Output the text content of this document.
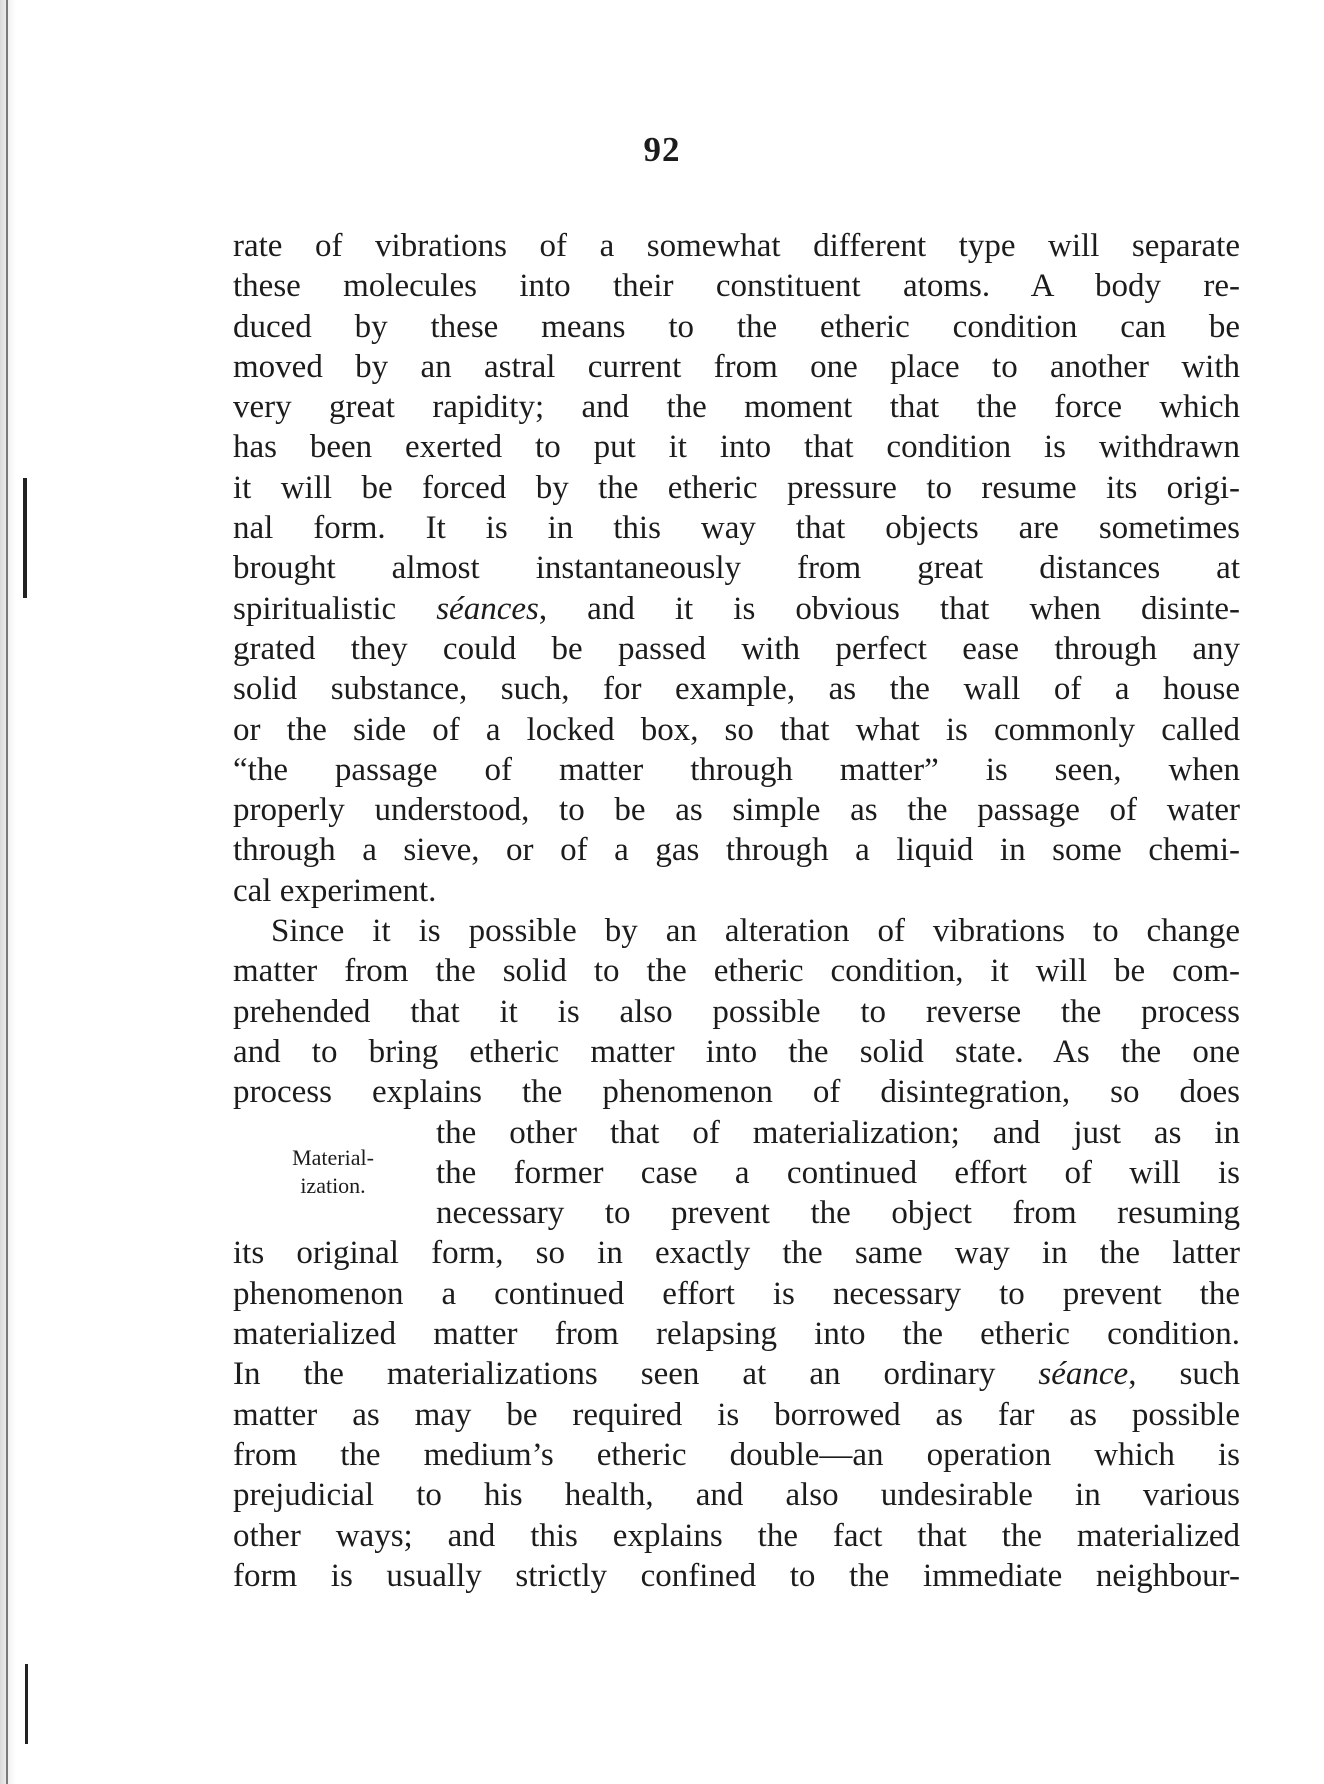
92
Material-
ization.
rate of vibrations of a somewhat different type will separate
these molecules into their constituent atoms. A body re-
duced by these means to the etheric condition can be
moved by an astral current from one place to another with
very great rapidity; and the moment that the force which
has been exerted to put it into that condition is withdrawn
it will be forced by the etheric pressure to resume its origi-
nal form. It is in this way that objects are sometimes
brought almost instantaneously from great distances at
spiritualistic séances, and it is obvious that when disinte-
grated they could be passed with perfect ease through any
solid substance, such, for example, as the wall of a house
or the side of a locked box, so that what is commonly called
“the passage of matter through matter” is seen, when
properly understood, to be as simple as the passage of water
through a sieve, or of a gas through a liquid in some chemi-
cal experiment.
Since it is possible by an alteration of vibrations to change
matter from the solid to the etheric condition, it will be com-
prehended that it is also possible to reverse the process
and to bring etheric matter into the solid state. As the one
process explains the phenomenon of disintegration, so does
the other that of materialization; and just as in
the former case a continued effort of will is
necessary to prevent the object from resuming
its original form, so in exactly the same way in the latter
phenomenon a continued effort is necessary to prevent the
materialized matter from relapsing into the etheric condition.
In the materializations seen at an ordinary séance, such
matter as may be required is borrowed as far as possible
from the medium’s etheric double—an operation which is
prejudicial to his health, and also undesirable in various
other ways; and this explains the fact that the materialized
form is usually strictly confined to the immediate neighbour-
